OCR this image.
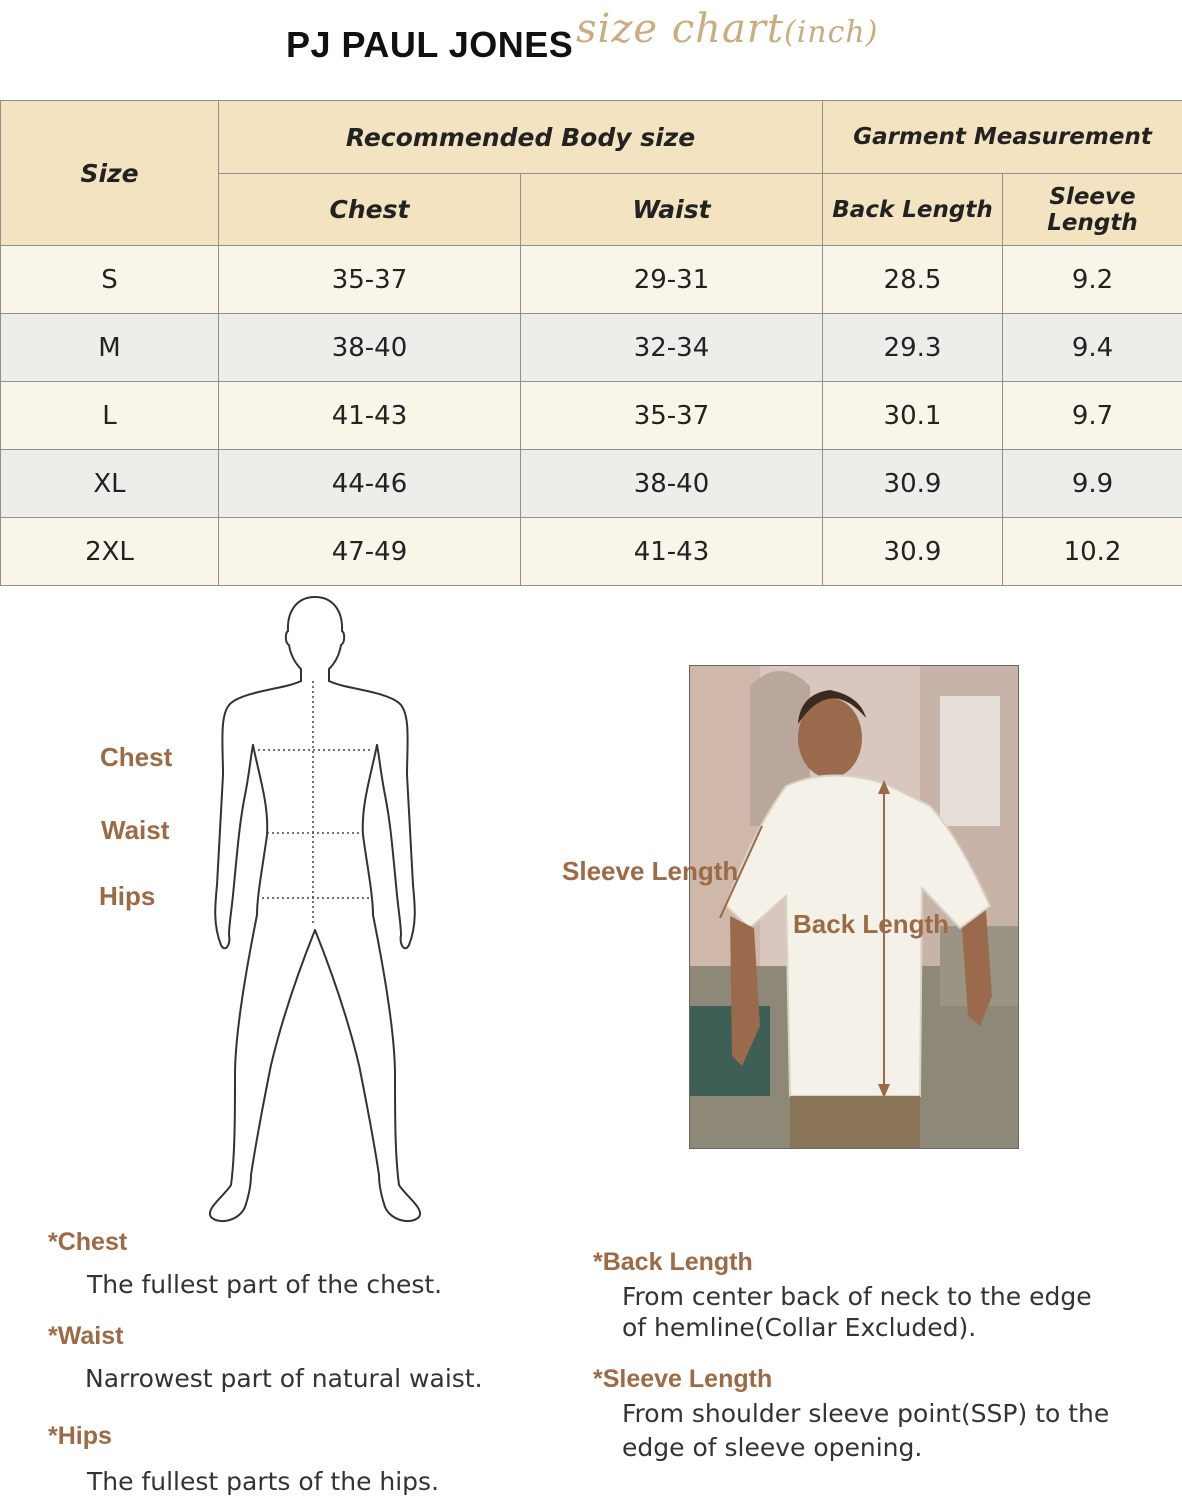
PJ PAUL JONES size chart(inch)
Size	Recommended Body size		Garment Measurement	
	Chest	Waist	Back Length	Sleeve Length
S	35-37	29-31	28.5	9.2
M	38-40	32-34	29.3	9.4
L	41-43	35-37	30.1	9.7
XL	44-46	38-40	30.9	9.9
2XL	47-49	41-43	30.9	10.2
Chest
Waist
Hips
Sleeve Length
Back Length
*Chest
The fullest part of the chest.
*Waist
Narrowest part of natural waist.
*Hips
The fullest parts of the hips.
*Back Length
From center back of neck to the edge
of hemline(Collar Excluded).
*Sleeve Length
From shoulder sleeve point(SSP) to the
edge of sleeve opening.
